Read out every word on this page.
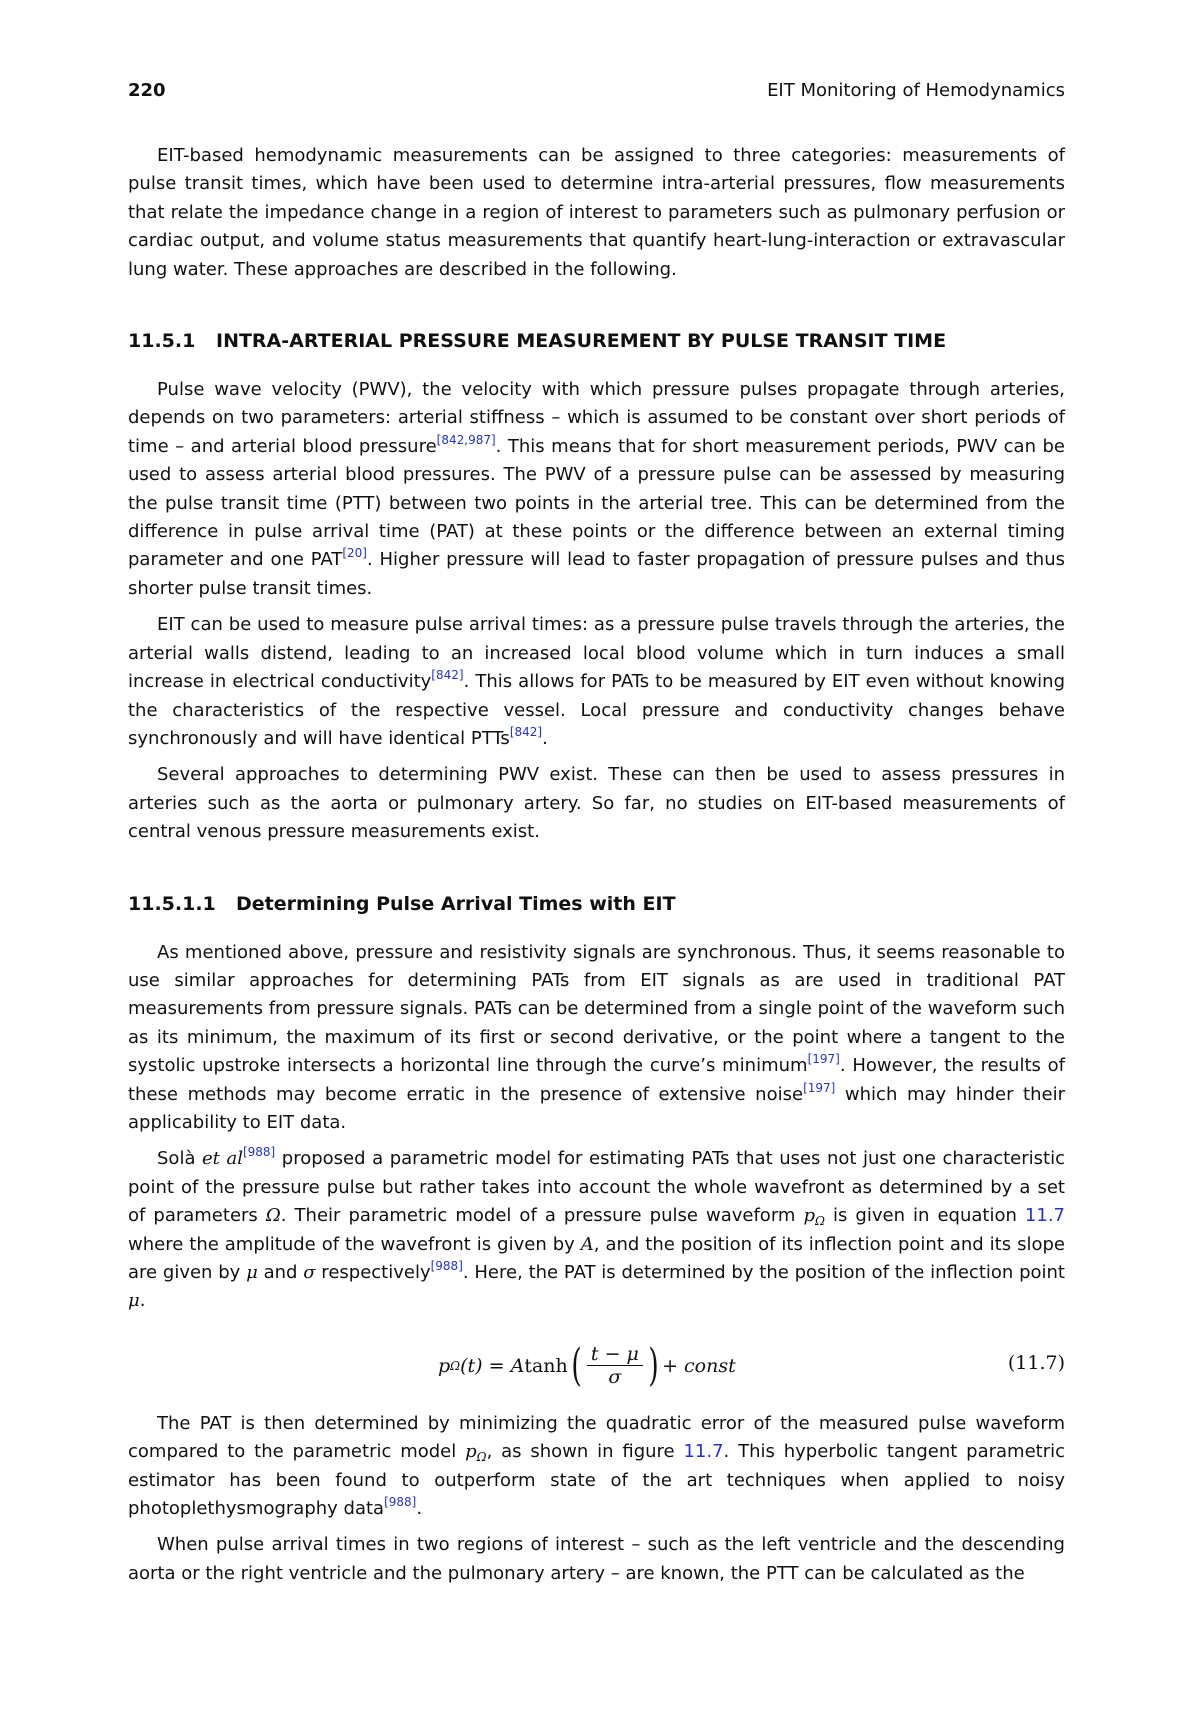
220	EIT Monitoring of Hemodynamics

EIT-based hemodynamic measurements can be assigned to three categories: measurements of pulse transit times, which have been used to determine intra-arterial pressures, flow measurements that relate the impedance change in a region of interest to parameters such as pulmonary perfusion or cardiac output, and volume status measurements that quantify heart-lung-interaction or extravascular lung water. These approaches are described in the following.

11.5.1 INTRA-ARTERIAL PRESSURE MEASUREMENT BY PULSE TRANSIT TIME

Pulse wave velocity (PWV), the velocity with which pressure pulses propagate through arteries, depends on two parameters: arterial stiffness – which is assumed to be constant over short periods of time – and arterial blood pressure[842,987]. This means that for short measurement periods, PWV can be used to assess arterial blood pressures. The PWV of a pressure pulse can be assessed by measuring the pulse transit time (PTT) between two points in the arterial tree. This can be determined from the difference in pulse arrival time (PAT) at these points or the difference between an external timing parameter and one PAT[20]. Higher pressure will lead to faster propagation of pressure pulses and thus shorter pulse transit times.

EIT can be used to measure pulse arrival times: as a pressure pulse travels through the arteries, the arterial walls distend, leading to an increased local blood volume which in turn induces a small increase in electrical conductivity[842]. This allows for PATs to be measured by EIT even without knowing the characteristics of the respective vessel. Local pressure and conductivity changes behave synchronously and will have identical PTTs[842].

Several approaches to determining PWV exist. These can then be used to assess pressures in arteries such as the aorta or pulmonary artery. So far, no studies on EIT-based measurements of central venous pressure measurements exist.

11.5.1.1 Determining Pulse Arrival Times with EIT

As mentioned above, pressure and resistivity signals are synchronous. Thus, it seems reasonable to use similar approaches for determining PATs from EIT signals as are used in traditional PAT measurements from pressure signals. PATs can be determined from a single point of the waveform such as its minimum, the maximum of its first or second derivative, or the point where a tangent to the systolic upstroke intersects a horizontal line through the curve’s minimum[197]. However, the results of these methods may become erratic in the presence of extensive noise[197] which may hinder their applicability to EIT data.

Solà et al[988] proposed a parametric model for estimating PATs that uses not just one characteristic point of the pressure pulse but rather takes into account the whole wavefront as determined by a set of parameters Ω. Their parametric model of a pressure pulse waveform $p_\Omega$ is given in equation 11.7 where the amplitude of the wavefront is given by A, and the position of its inflection point and its slope are given by μ and σ respectively[988]. Here, the PAT is determined by the position of the inflection point μ.

p Ω (t) = A tanh ( $\frac{t - \mu}{\sigma}$ ) + const	(11.7)

The PAT is then determined by minimizing the quadratic error of the measured pulse waveform compared to the parametric model $p_\Omega$, as shown in figure 11.7. This hyperbolic tangent parametric estimator has been found to outperform state of the art techniques when applied to noisy photoplethysmography data[988].

When pulse arrival times in two regions of interest – such as the left ventricle and the descending aorta or the right ventricle and the pulmonary artery – are known, the PTT can be calculated as the
